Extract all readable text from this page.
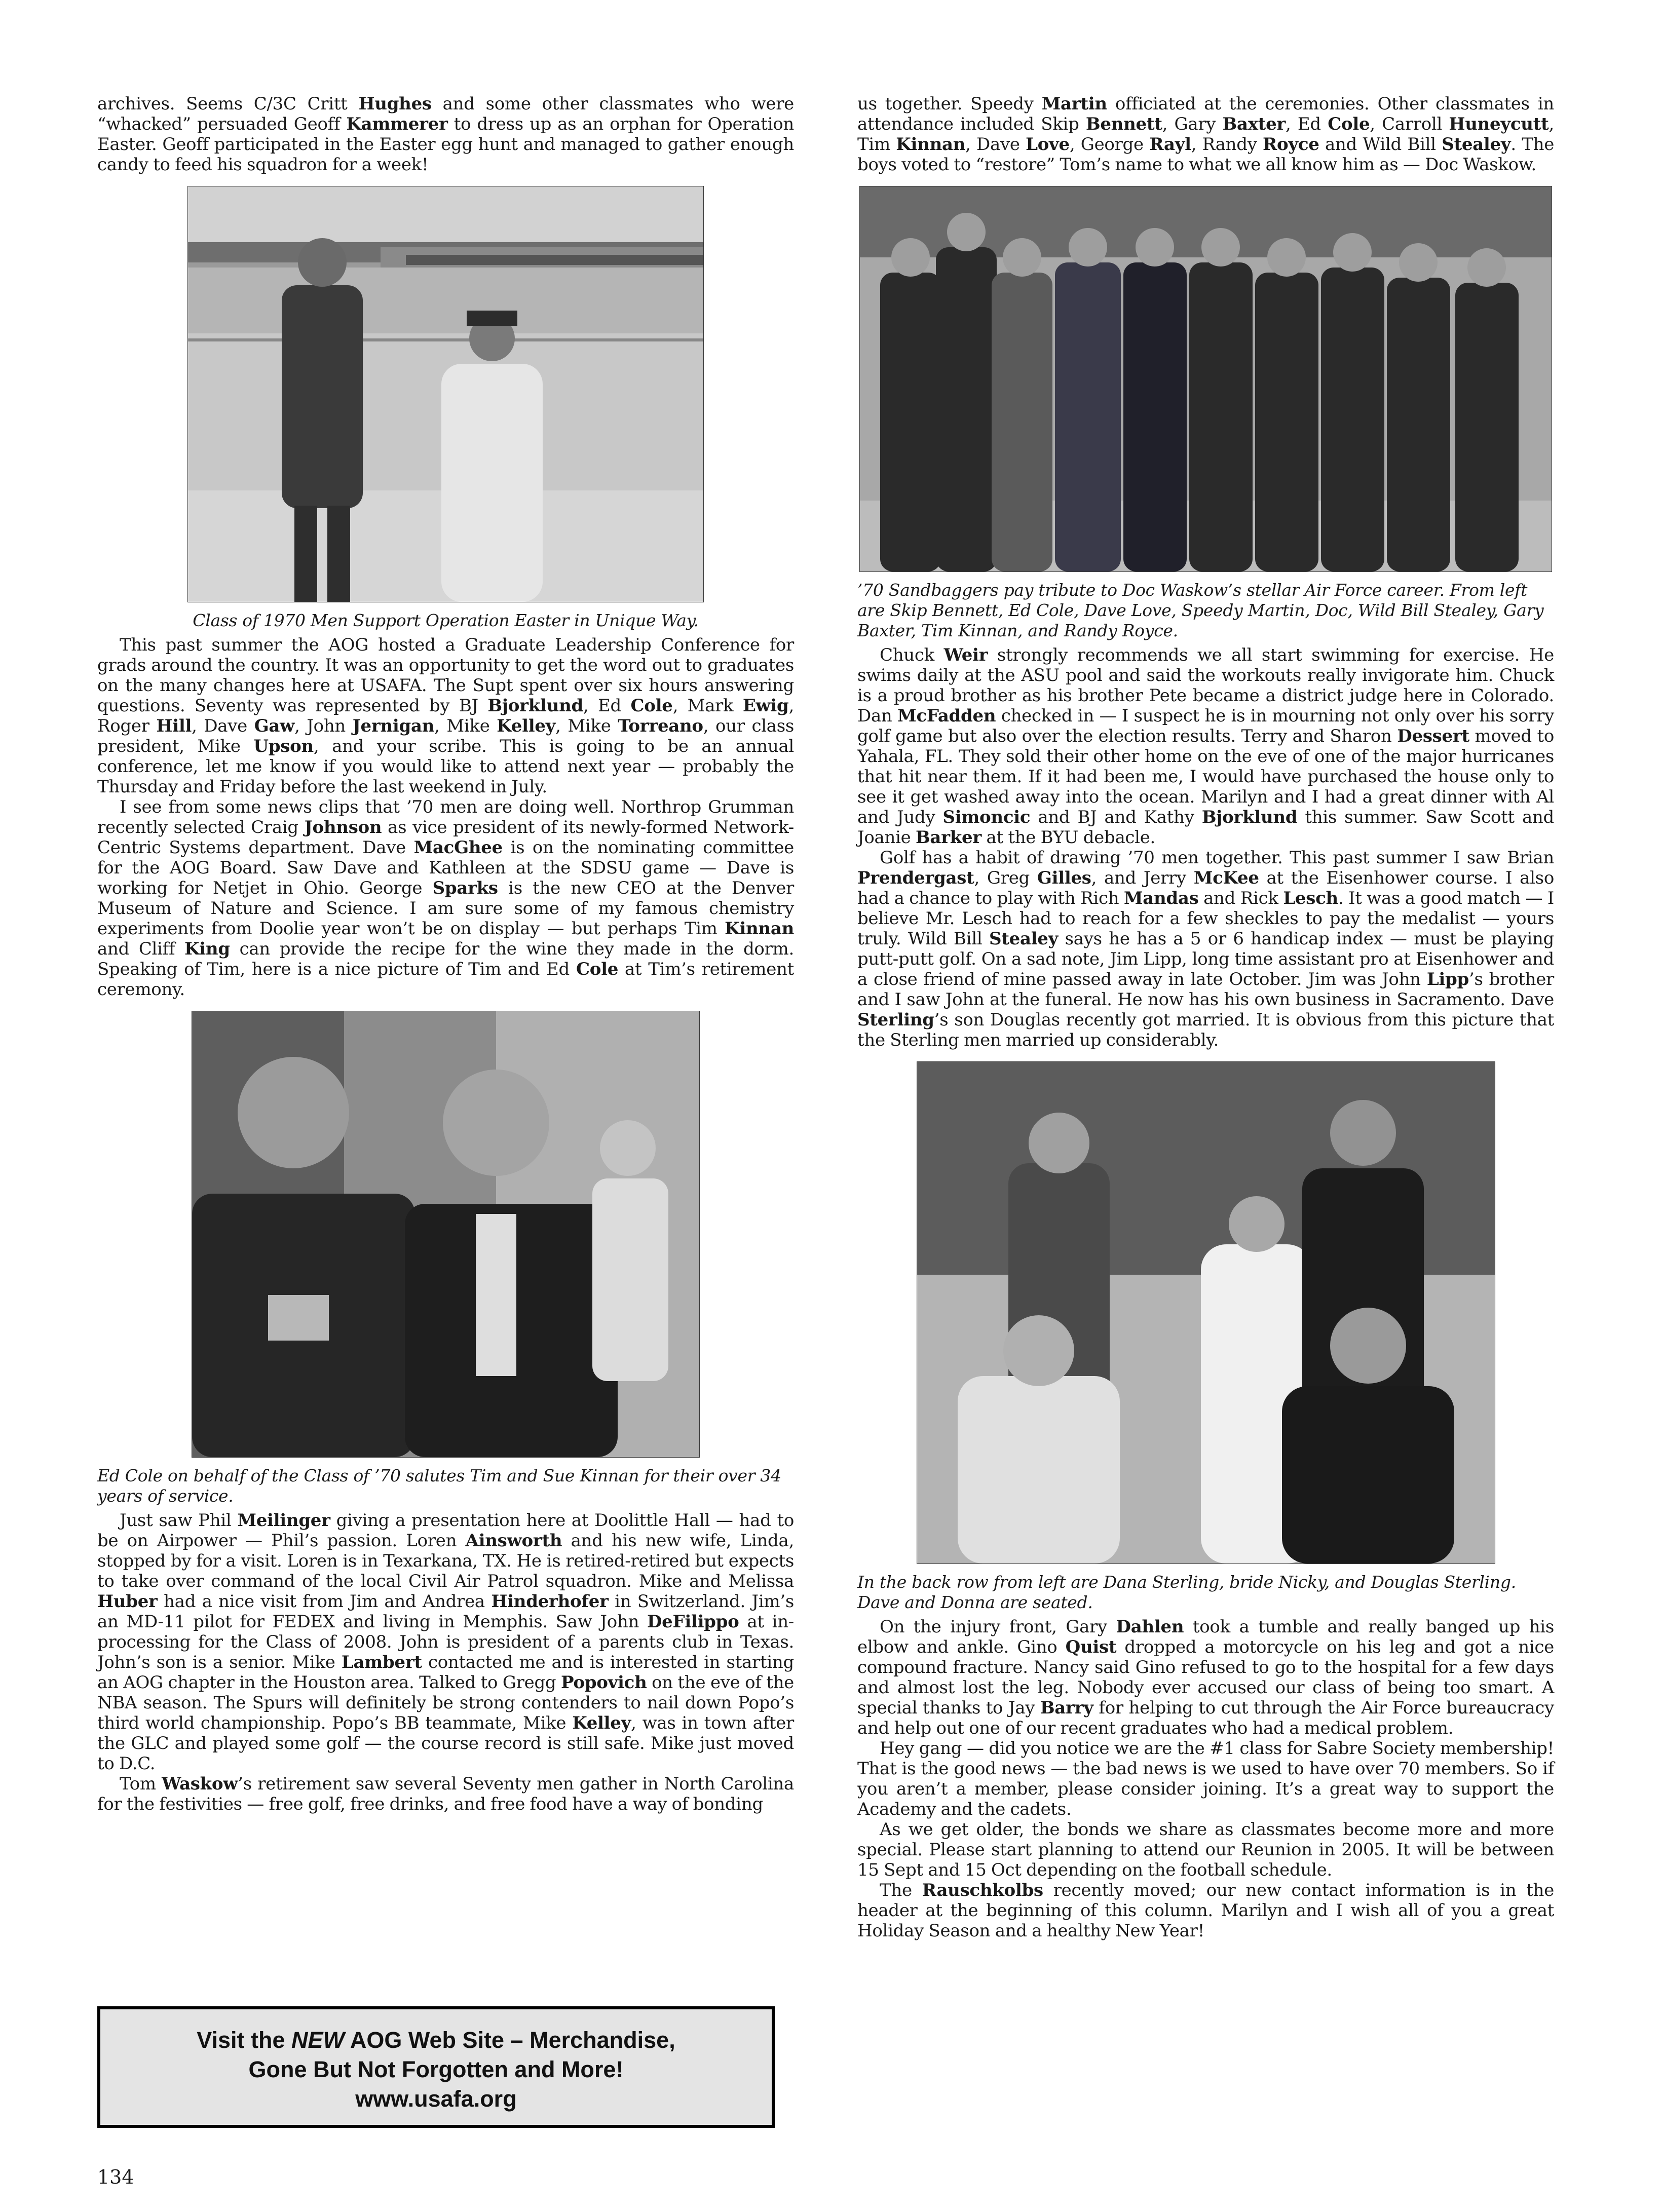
archives. Seems C/3C Critt Hughes and some other classmates who were “whacked” persuaded Geoff Kammerer to dress up as an orphan for Operation Easter. Geoff participated in the Easter egg hunt and managed to gather enough candy to feed his squadron for a week!

Class of 1970 Men Support Operation Easter in Unique Way.

This past summer the AOG hosted a Graduate Leadership Conference for grads around the country. It was an opportunity to get the word out to graduates on the many changes here at USAFA. The Supt spent over six hours answering questions. Seventy was represented by BJ Bjorklund, Ed Cole, Mark Ewig, Roger Hill, Dave Gaw, John Jernigan, Mike Kelley, Mike Torreano, our class president, Mike Upson, and your scribe. This is going to be an annual conference, let me know if you would like to attend next year — probably the Thursday and Friday before the last weekend in July.

I see from some news clips that ’70 men are doing well. Northrop Grumman recently selected Craig Johnson as vice president of its newly-formed Network-Centric Systems department. Dave MacGhee is on the nominating committee for the AOG Board. Saw Dave and Kathleen at the SDSU game — Dave is working for Netjet in Ohio. George Sparks is the new CEO at the Denver Museum of Nature and Science. I am sure some of my famous chemistry experiments from Doolie year won’t be on display — but perhaps Tim Kinnan and Cliff King can provide the recipe for the wine they made in the dorm. Speaking of Tim, here is a nice picture of Tim and Ed Cole at Tim’s retirement ceremony.

Ed Cole on behalf of the Class of ’70 salutes Tim and Sue Kinnan for their over 34 years of service.

Just saw Phil Meilinger giving a presentation here at Doolittle Hall — had to be on Airpower — Phil’s passion. Loren Ainsworth and his new wife, Linda, stopped by for a visit. Loren is in Texarkana, TX. He is retired-retired but expects to take over command of the local Civil Air Patrol squadron. Mike and Melissa Huber had a nice visit from Jim and Andrea Hinderhofer in Switzerland. Jim’s an MD-11 pilot for FEDEX and living in Memphis. Saw John DeFilippo at in-processing for the Class of 2008. John is president of a parents club in Texas. John’s son is a senior. Mike Lambert contacted me and is interested in starting an AOG chapter in the Houston area. Talked to Gregg Popovich on the eve of the NBA season. The Spurs will definitely be strong contenders to nail down Popo’s third world championship. Popo’s BB teammate, Mike Kelley, was in town after the GLC and played some golf — the course record is still safe. Mike just moved to D.C.

Tom Waskow’s retirement saw several Seventy men gather in North Carolina for the festivities — free golf, free drinks, and free food have a way of bonding

us together. Speedy Martin officiated at the ceremonies. Other classmates in attendance included Skip Bennett, Gary Baxter, Ed Cole, Carroll Huneycutt, Tim Kinnan, Dave Love, George Rayl, Randy Royce and Wild Bill Stealey. The boys voted to “restore” Tom’s name to what we all know him as — Doc Waskow.

’70 Sandbaggers pay tribute to Doc Waskow’s stellar Air Force career. From left are Skip Bennett, Ed Cole, Dave Love, Speedy Martin, Doc, Wild Bill Stealey, Gary Baxter, Tim Kinnan, and Randy Royce.

Chuck Weir strongly recommends we all start swimming for exercise. He swims daily at the ASU pool and said the workouts really invigorate him. Chuck is a proud brother as his brother Pete became a district judge here in Colorado. Dan McFadden checked in — I suspect he is in mourning not only over his sorry golf game but also over the election results. Terry and Sharon Dessert moved to Yahala, FL. They sold their other home on the eve of one of the major hurricanes that hit near them. If it had been me, I would have purchased the house only to see it get washed away into the ocean. Marilyn and I had a great dinner with Al and Judy Simoncic and BJ and Kathy Bjorklund this summer. Saw Scott and Joanie Barker at the BYU debacle.

Golf has a habit of drawing ’70 men together. This past summer I saw Brian Prendergast, Greg Gilles, and Jerry McKee at the Eisenhower course. I also had a chance to play with Rich Mandas and Rick Lesch. It was a good match — I believe Mr. Lesch had to reach for a few sheckles to pay the medalist — yours truly. Wild Bill Stealey says he has a 5 or 6 handicap index — must be playing putt-putt golf. On a sad note, Jim Lipp, long time assistant pro at Eisenhower and a close friend of mine passed away in late October. Jim was John Lipp’s brother and I saw John at the funeral. He now has his own business in Sacramento. Dave Sterling’s son Douglas recently got married. It is obvious from this picture that the Sterling men married up considerably.

In the back row from left are Dana Sterling, bride Nicky, and Douglas Sterling. Dave and Donna are seated.

On the injury front, Gary Dahlen took a tumble and really banged up his elbow and ankle. Gino Quist dropped a motorcycle on his leg and got a nice compound fracture. Nancy said Gino refused to go to the hospital for a few days and almost lost the leg. Nobody ever accused our class of being too smart. A special thanks to Jay Barry for helping to cut through the Air Force bureaucracy and help out one of our recent graduates who had a medical problem.

Hey gang — did you notice we are the #1 class for Sabre Society membership! That is the good news — the bad news is we used to have over 70 members. So if you aren’t a member, please consider joining. It’s a great way to support the Academy and the cadets.

As we get older, the bonds we share as classmates become more and more special. Please start planning to attend our Reunion in 2005. It will be between 15 Sept and 15 Oct depending on the football schedule.

The Rauschkolbs recently moved; our new contact information is in the header at the beginning of this column. Marilyn and I wish all of you a great Holiday Season and a healthy New Year!

Visit the NEW AOG Web Site – Merchandise,
Gone But Not Forgotten and More!
www.usafa.org
134
